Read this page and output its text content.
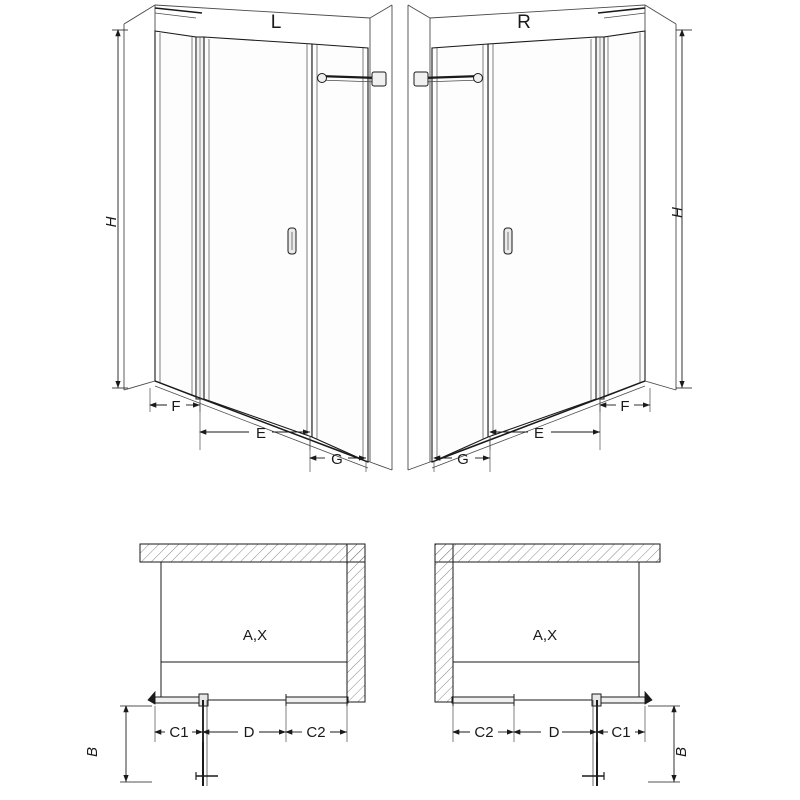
L
H
F
E
G
R
H
G
E
F
A,X
B
C1	D	C2
A,X
B
C2	D	C1
